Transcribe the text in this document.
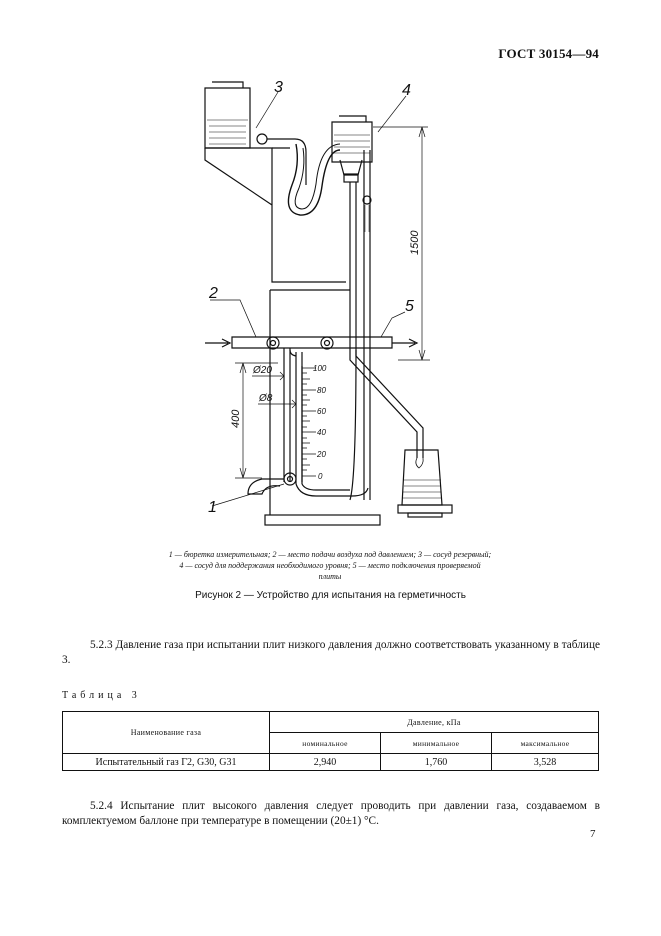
ГОСТ 30154—94
3	4
2
5
1
1500
400
Ø20
Ø8
100
80
60
40
20
0
1 — бюретка измерительная; 2 — место подачи воздуха под давлением; 3 — сосуд резервный;
4 — сосуд для поддержания необходимого уровня; 5 — место подключения проверяемой
плиты
Рисунок 2 — Устройство для испытания на герметичность
5.2.3 Давление газа при испытании плит низкого давления должно соответствовать указанному в таблице 3.
Таблица 3
Наименование газа	Давление, кПа		
	номинальное	минимальное	максимальное
Испытательный газ Г2, G30, G31	2,940	1,760	3,528
5.2.4 Испытание плит высокого давления следует проводить при давлении газа, создаваемом в комплектуемом баллоне при температуре в помещении (20±1) °С.
7
